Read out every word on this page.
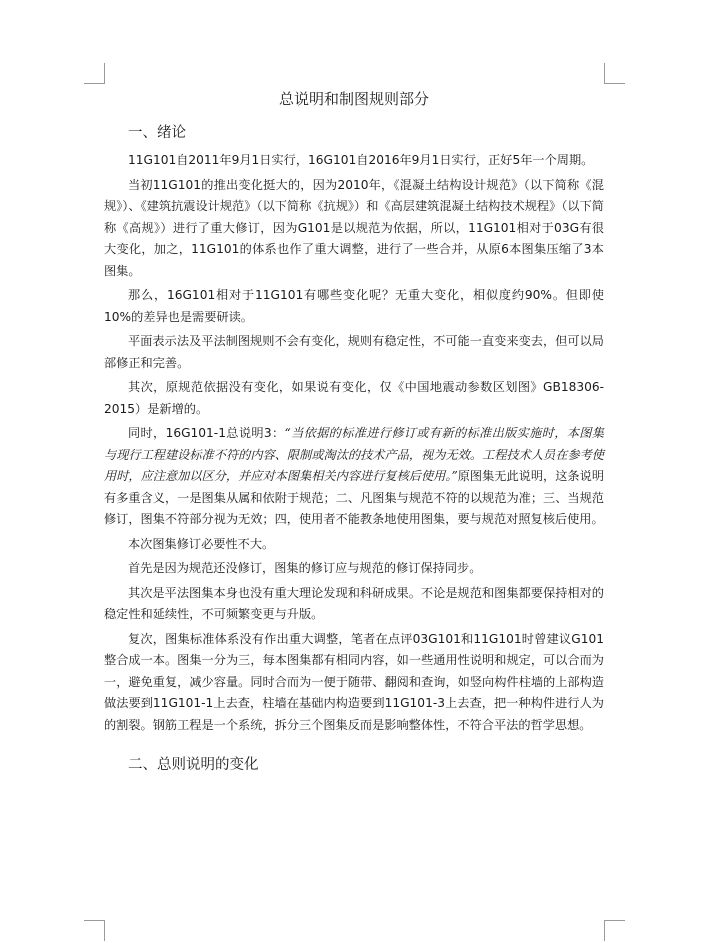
总说明和制图规则部分
一、绪论

11G101自2011年9月1日实行，16G101自2016年9月1日实行，正好5年一个周期。

当初11G101的推出变化挺大的，因为2010年，《混凝土结构设计规范》（以下简称《混规》）、《建筑抗震设计规范》（以下简称《抗规》）和《高层建筑混凝土结构技术规程》（以下简称《高规》）进行了重大修订，因为G101是以规范为依据，所以，11G101相对于03G有很大变化，加之，11G101的体系也作了重大调整，进行了一些合并，从原6本图集压缩了3本图集。

那么，16G101相对于11G101有哪些变化呢？无重大变化，相似度约90%。但即使10%的差异也是需要研读。

平面表示法及平法制图规则不会有变化，规则有稳定性，不可能一直变来变去，但可以局部修正和完善。

其次，原规范依据没有变化，如果说有变化，仅《中国地震动参数区划图》GB18306-2015）是新增的。

同时，16G101-1总说明3：“当依据的标准进行修订或有新的标准出版实施时，本图集与现行工程建设标准不符的内容、限制或淘汰的技术产品，视为无效。工程技术人员在参考使用时，应注意加以区分，并应对本图集相关内容进行复核后使用。”原图集无此说明，这条说明有多重含义，一是图集从属和依附于规范；二、凡图集与规范不符的以规范为准；三、当规范修订，图集不符部分视为无效；四，使用者不能教条地使用图集，要与规范对照复核后使用。

本次图集修订必要性不大。

首先是因为规范还没修订，图集的修订应与规范的修订保持同步。

其次是平法图集本身也没有重大理论发现和科研成果。不论是规范和图集都要保持相对的稳定性和延续性，不可频繁变更与升版。

复次，图集标准体系没有作出重大调整，笔者在点评03G101和11G101时曾建议G101整合成一本。图集一分为三，每本图集都有相同内容，如一些通用性说明和规定，可以合而为一，避免重复，减少容量。同时合而为一便于随带、翻阅和查询，如竖向构件柱墙的上部构造做法要到11G101-1上去查，柱墙在基础内构造要到11G101-3上去查，把一种构件进行人为的割裂。钢筋工程是一个系统，拆分三个图集反而是影响整体性，不符合平法的哲学思想。

二、总则说明的变化
